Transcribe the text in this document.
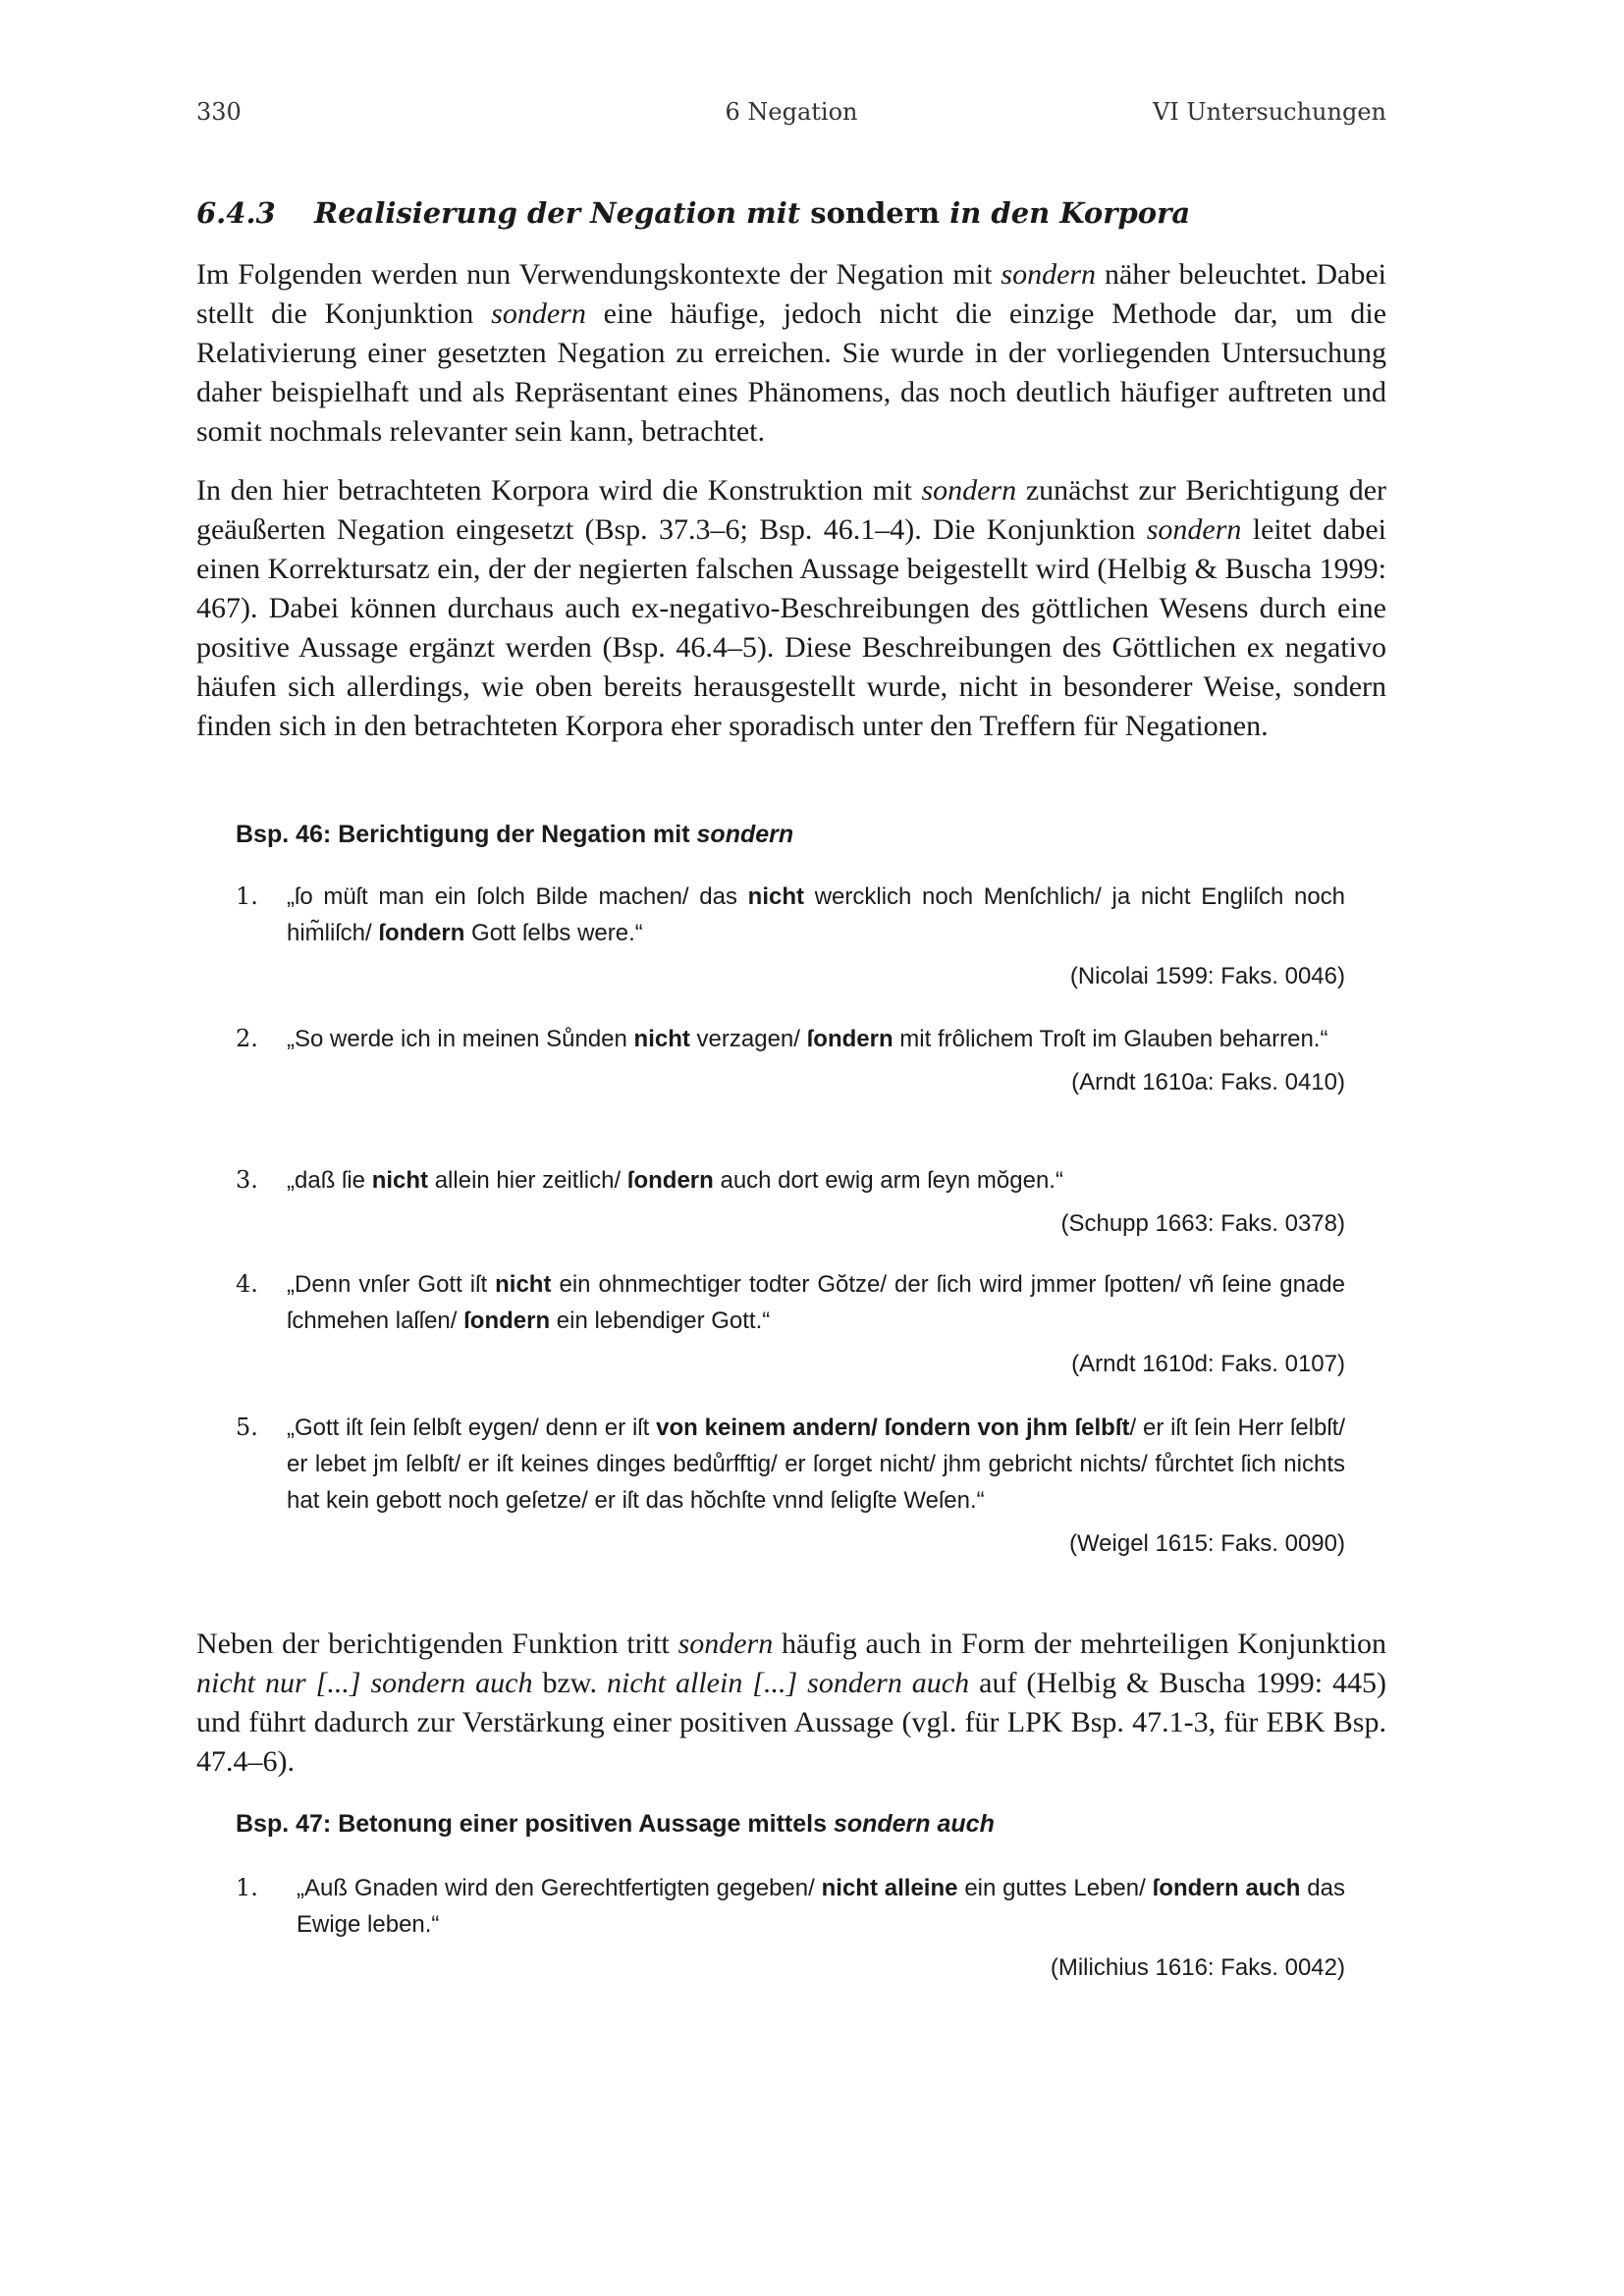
330	6 Negation	VI Untersuchungen
6.4.3 Realisierung der Negation mit sondern in den Korpora

Im Folgenden werden nun Verwendungskontexte der Negation mit sondern näher beleuchtet. Dabei stellt die Konjunktion sondern eine häufige, jedoch nicht die einzige Methode dar, um die Relativierung einer gesetzten Negation zu erreichen. Sie wurde in der vorliegenden Untersuchung daher beispielhaft und als Repräsentant eines Phänomens, das noch deutlich häufiger auftreten und somit nochmals relevanter sein kann, betrachtet.

In den hier betrachteten Korpora wird die Konstruktion mit sondern zunächst zur Berichtigung der geäußerten Negation eingesetzt (Bsp. 37.3–6; Bsp. 46.1–4). Die Konjunktion sondern leitet dabei einen Korrektursatz ein, der der negierten falschen Aussage beigestellt wird (Helbig & Buscha 1999: 467). Dabei können durchaus auch ex-negativo-Beschreibungen des göttlichen Wesens durch eine positive Aussage ergänzt werden (Bsp. 46.4–5). Diese Beschreibungen des Göttlichen ex negativo häufen sich allerdings, wie oben bereits herausgestellt wurde, nicht in besonderer Weise, sondern finden sich in den betrachteten Korpora eher sporadisch unter den Treffern für Negationen.

Bsp. 46: Berichtigung der Negation mit sondern
1.	„ſo müſt man ein ſolch Bilde machen/ das nicht wercklich noch Menſchlich/ ja nicht Engliſch noch him̃liſch/ ſondern Gott ſelbs were.“
(Nicolai 1599: Faks. 0046)
2.	„So werde ich in meinen Sůnden nicht verzagen/ ſondern mit frôlichem Troſt im Glauben beharren.“
(Arndt 1610a: Faks. 0410)
3.	„daß ſie nicht allein hier zeitlich/ ſondern auch dort ewig arm ſeyn mŏgen.“
(Schupp 1663: Faks. 0378)
4.	„Denn vnſer Gott iſt nicht ein ohnmechtiger todter Gŏtze/ der ſich wird jmmer ſpotten/ vñ ſeine gnade ſchmehen laſſen/ ſondern ein lebendiger Gott.“
(Arndt 1610d: Faks. 0107)
5.	„Gott iſt ſein ſelbſt eygen/ denn er iſt von keinem andern/ ſondern von jhm ſelbſt/ er iſt ſein Herr ſelbſt/ er lebet jm ſelbſt/ er iſt keines dinges bedůrfftig/ er ſorget nicht/ jhm gebricht nichts/ fůrchtet ſich nichts hat kein gebott noch geſetze/ er iſt das hŏchſte vnnd ſeligſte Weſen.“
(Weigel 1615: Faks. 0090)

Neben der berichtigenden Funktion tritt sondern häufig auch in Form der mehrteiligen Konjunktion nicht nur [...] sondern auch bzw. nicht allein [...] sondern auch auf (Helbig & Buscha 1999: 445) und führt dadurch zur Verstärkung einer positiven Aussage (vgl. für LPK Bsp. 47.1-3, für EBK Bsp. 47.4–6).

Bsp. 47: Betonung einer positiven Aussage mittels sondern auch
1.	„Auß Gnaden wird den Gerechtfertigten gegeben/ nicht alleine ein guttes Leben/ ſondern auch das Ewige leben.“
(Milichius 1616: Faks. 0042)
